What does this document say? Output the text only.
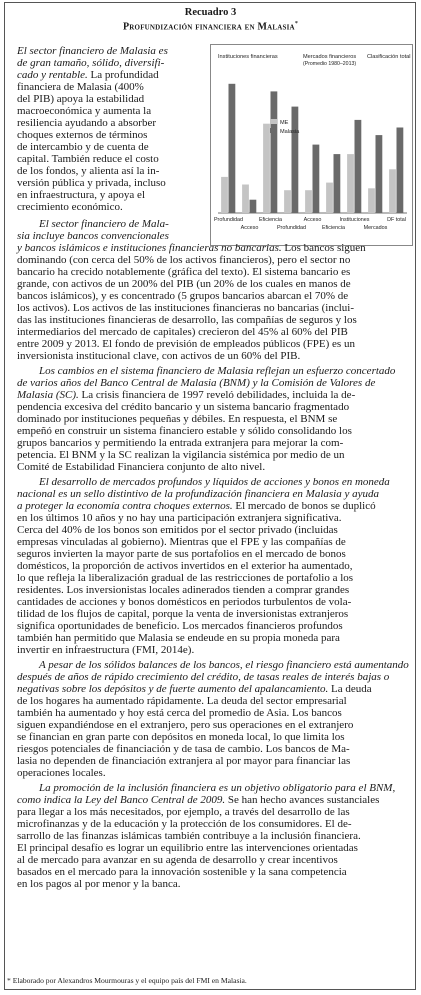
Recuadro 3
Profundización financiera en Malasia*
Instituciones financieras	Mercados financieros Clasificación total
(Promedio 1980–2013)
Profundidad
Acceso
Eficiencia
Profundidad
Acceso
Eficiencia
Instituciones
Mercados
DF total
ME
Malasia
El sector financiero de Malasia es
de gran tamaño, sólido, diversifi-
cado y rentable. La profundidad
financiera de Malasia (400%
del PIB) apoya la estabilidad
macroeconómica y aumenta la
resiliencia ayudando a absorber
choques externos de términos
de intercambio y de cuenta de
capital. También reduce el costo
de los fondos, y alienta así la in-
versión pública y privada, incluso
en infraestructura, y apoya el
crecimiento económico.
El sector financiero de Mala-
sia incluye bancos convencionales
y bancos islámicos e instituciones financieras no bancarias. Los bancos siguen
dominando (con cerca del 50% de los activos financieros), pero el sector no
bancario ha crecido notablemente (gráfica del texto). El sistema bancario es
grande, con activos de un 200% del PIB (un 20% de los cuales en manos de
bancos islámicos), y es concentrado (5 grupos bancarios abarcan el 70% de
los activos). Los activos de las instituciones financieras no bancarias (inclui-
das las instituciones financieras de desarrollo, las compañías de seguros y los
intermediarios del mercado de capitales) crecieron del 45% al 60% del PIB
entre 2009 y 2013. El fondo de previsión de empleados públicos (FPE) es un
inversionista institucional clave, con activos de un 60% del PIB.
Los cambios en el sistema financiero de Malasia reflejan un esfuerzo concertado
de varios años del Banco Central de Malasia (BNM) y la Comisión de Valores de
Malasia (SC). La crisis financiera de 1997 reveló debilidades, incluida la de-
pendencia excesiva del crédito bancario y un sistema bancario fragmentado
dominado por instituciones pequeñas y débiles. En respuesta, el BNM se
empeñó en construir un sistema financiero estable y sólido consolidando los
grupos bancarios y permitiendo la entrada extranjera para mejorar la com-
petencia. El BNM y la SC realizan la vigilancia sistémica por medio de un
Comité de Estabilidad Financiera conjunto de alto nivel.
El desarrollo de mercados profundos y líquidos de acciones y bonos en moneda
nacional es un sello distintivo de la profundización financiera en Malasia y ayuda
a proteger la economía contra choques externos. El mercado de bonos se duplicó
en los últimos 10 años y no hay una participación extranjera significativa.
Cerca del 40% de los bonos son emitidos por el sector privado (incluidas
empresas vinculadas al gobierno). Mientras que el FPE y las compañías de
seguros invierten la mayor parte de sus portafolios en el mercado de bonos
domésticos, la proporción de activos invertidos en el exterior ha aumentado,
lo que refleja la liberalización gradual de las restricciones de portafolio a los
residentes. Los inversionistas locales adinerados tienden a comprar grandes
cantidades de acciones y bonos domésticos en periodos turbulentos de vola-
tilidad de los flujos de capital, porque la venta de inversionistas extranjeros
significa oportunidades de beneficio. Los mercados financieros profundos
también han permitido que Malasia se endeude en su propia moneda para
invertir en infraestructura (FMI, 2014e).
A pesar de los sólidos balances de los bancos, el riesgo financiero está aumentando
después de años de rápido crecimiento del crédito, de tasas reales de interés bajas o
negativas sobre los depósitos y de fuerte aumento del apalancamiento. La deuda
de los hogares ha aumentado rápidamente. La deuda del sector empresarial
también ha aumentado y hoy está cerca del promedio de Asia. Los bancos
siguen expandiéndose en el extranjero, pero sus operaciones en el extranjero
se financian en gran parte con depósitos en moneda local, lo que limita los
riesgos potenciales de financiación y de tasa de cambio. Los bancos de Ma-
lasia no dependen de financiación extranjera al por mayor para financiar las
operaciones locales.
La promoción de la inclusión financiera es un objetivo obligatorio para el BNM,
como indica la Ley del Banco Central de 2009. Se han hecho avances sustanciales
para llegar a los más necesitados, por ejemplo, a través del desarrollo de las
microfinanzas y de la educación y la protección de los consumidores. El de-
sarrollo de las finanzas islámicas también contribuye a la inclusión financiera.
El principal desafío es lograr un equilibrio entre las intervenciones orientadas
al de mercado para avanzar en su agenda de desarrollo y crear incentivos
basados en el mercado para la innovación sostenible y la sana competencia
en los pagos al por menor y la banca.
* Elaborado por Alexandros Mourmouras y el equipo país del FMI en Malasia.
